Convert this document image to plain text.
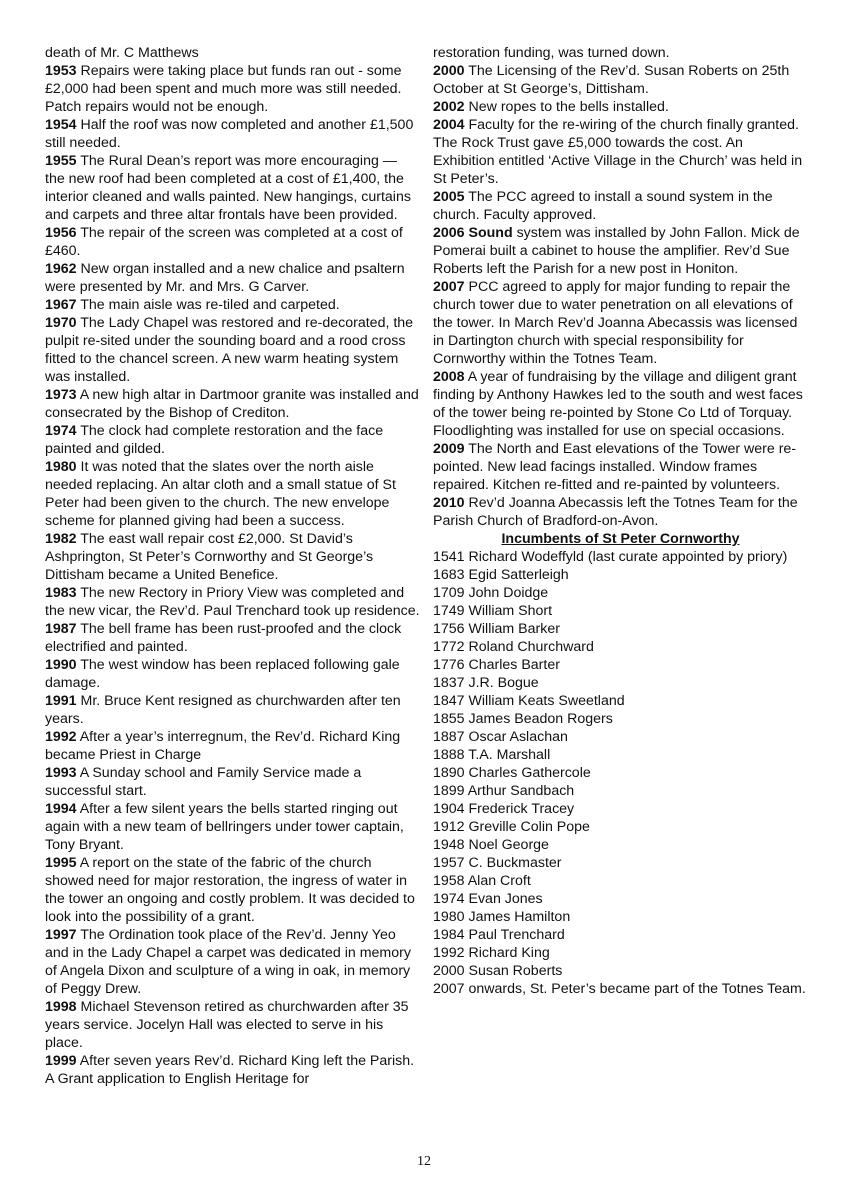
death of Mr. C Matthews

1953 Repairs were taking place but funds ran out - some £2,000 had been spent and much more was still needed. Patch repairs would not be enough.

1954 Half the roof was now completed and another £1,500 still needed.

1955 The Rural Dean’s report was more encouraging — the new roof had been completed at a cost of £1,400, the interior cleaned and walls painted. New hangings, curtains and carpets and three altar frontals have been provided.

1956 The repair of the screen was completed at a cost of £460.

1962 New organ installed and a new chalice and psaltern were presented by Mr. and Mrs. G Carver.

1967 The main aisle was re-tiled and carpeted.

1970 The Lady Chapel was restored and re-decorated, the pulpit re-sited under the sounding board and a rood cross fitted to the chancel screen. A new warm heating system was installed.

1973 A new high altar in Dartmoor granite was installed and consecrated by the Bishop of Crediton.

1974 The clock had complete restoration and the face painted and gilded.

1980 It was noted that the slates over the north aisle needed replacing. An altar cloth and a small statue of St Peter had been given to the church. The new envelope scheme for planned giving had been a success.

1982 The east wall repair cost £2,000. St David’s Ashprington, St Peter’s Cornworthy and St George’s Dittisham became a United Benefice.

1983 The new Rectory in Priory View was completed and the new vicar, the Rev’d. Paul Trenchard took up residence.

1987 The bell frame has been rust-proofed and the clock electrified and painted.

1990 The west window has been replaced following gale damage.

1991 Mr. Bruce Kent resigned as churchwarden after ten years.

1992 After a year’s interregnum, the Rev’d. Richard King became Priest in Charge

1993 A Sunday school and Family Service made a successful start.

1994 After a few silent years the bells started ringing out again with a new team of bellringers under tower captain, Tony Bryant.

1995 A report on the state of the fabric of the church showed need for major restoration, the ingress of water in the tower an ongoing and costly problem. It was decided to look into the possibility of a grant.

1997 The Ordination took place of the Rev’d. Jenny Yeo and in the Lady Chapel a carpet was dedicated in memory of Angela Dixon and sculpture of a wing in oak, in memory of Peggy Drew.

1998 Michael Stevenson retired as churchwarden after 35 years service. Jocelyn Hall was elected to serve in his place.

1999 After seven years Rev’d. Richard King left the Parish. A Grant application to English Heritage for

restoration funding, was turned down.

2000 The Licensing of the Rev’d. Susan Roberts on 25th October at St George’s, Dittisham.

2002 New ropes to the bells installed.

2004 Faculty for the re-wiring of the church finally granted. The Rock Trust gave £5,000 towards the cost. An Exhibition entitled ‘Active Village in the Church’ was held in St Peter’s.

2005 The PCC agreed to install a sound system in the church. Faculty approved.

2006 Sound system was installed by John Fallon. Mick de Pomerai built a cabinet to house the amplifier. Rev’d Sue Roberts left the Parish for a new post in Honiton.

2007 PCC agreed to apply for major funding to repair the church tower due to water penetration on all elevations of the tower. In March Rev’d Joanna Abecassis was licensed in Dartington church with special responsibility for Cornworthy within the Totnes Team.

2008 A year of fundraising by the village and diligent grant finding by Anthony Hawkes led to the south and west faces of the tower being re-pointed by Stone Co Ltd of Torquay. Floodlighting was installed for use on special occasions.

2009 The North and East elevations of the Tower were re-pointed. New lead facings installed. Window frames repaired. Kitchen re-fitted and re-painted by volunteers.

2010 Rev’d Joanna Abecassis left the Totnes Team for the Parish Church of Bradford-on-Avon.

Incumbents of St Peter Cornworthy

1541 Richard Wodeffyld (last curate appointed by priory)

1683 Egid Satterleigh

1709 John Doidge

1749 William Short

1756 William Barker

1772 Roland Churchward

1776 Charles Barter

1837 J.R. Bogue

1847 William Keats Sweetland

1855 James Beadon Rogers

1887 Oscar Aslachan

1888 T.A. Marshall

1890 Charles Gathercole

1899 Arthur Sandbach

1904 Frederick Tracey

1912 Greville Colin Pope

1948 Noel George

1957 C. Buckmaster

1958 Alan Croft

1974 Evan Jones

1980 James Hamilton

1984 Paul Trenchard

1992 Richard King

2000 Susan Roberts

2007 onwards, St. Peter’s became part of the Totnes Team.

12
